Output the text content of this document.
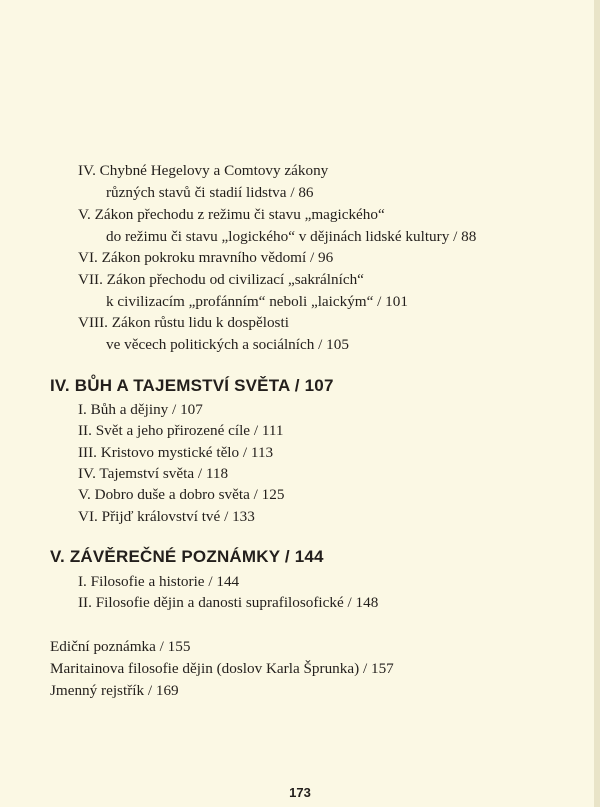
IV. Chybné Hegelovy a Comtovy zákony
různých stavů či stadií lidstva / 86
V. Zákon přechodu z režimu či stavu „magického“
do režimu či stavu „logického“ v dějinách lidské kultury / 88
VI. Zákon pokroku mravního vědomí / 96
VII. Zákon přechodu od civilizací „sakrálních“
k civilizacím „profánním“ neboli „laickým“ / 101
VIII. Zákon růstu lidu k dospělosti
ve věcech politických a sociálních / 105
IV. BŮH A TAJEMSTVÍ SVĚTA / 107
I. Bůh a dějiny / 107
II. Svět a jeho přirozené cíle / 111
III. Kristovo mystické tělo / 113
IV. Tajemství světa / 118
V. Dobro duše a dobro světa / 125
VI. Přijď království tvé / 133
V. ZÁVĚREČNÉ POZNÁMKY / 144
I. Filosofie a historie / 144
II. Filosofie dějin a danosti suprafilosofické / 148
Ediční poznámka / 155
Maritainova filosofie dějin (doslov Karla Šprunka) / 157
Jmenný rejstřík / 169
173
